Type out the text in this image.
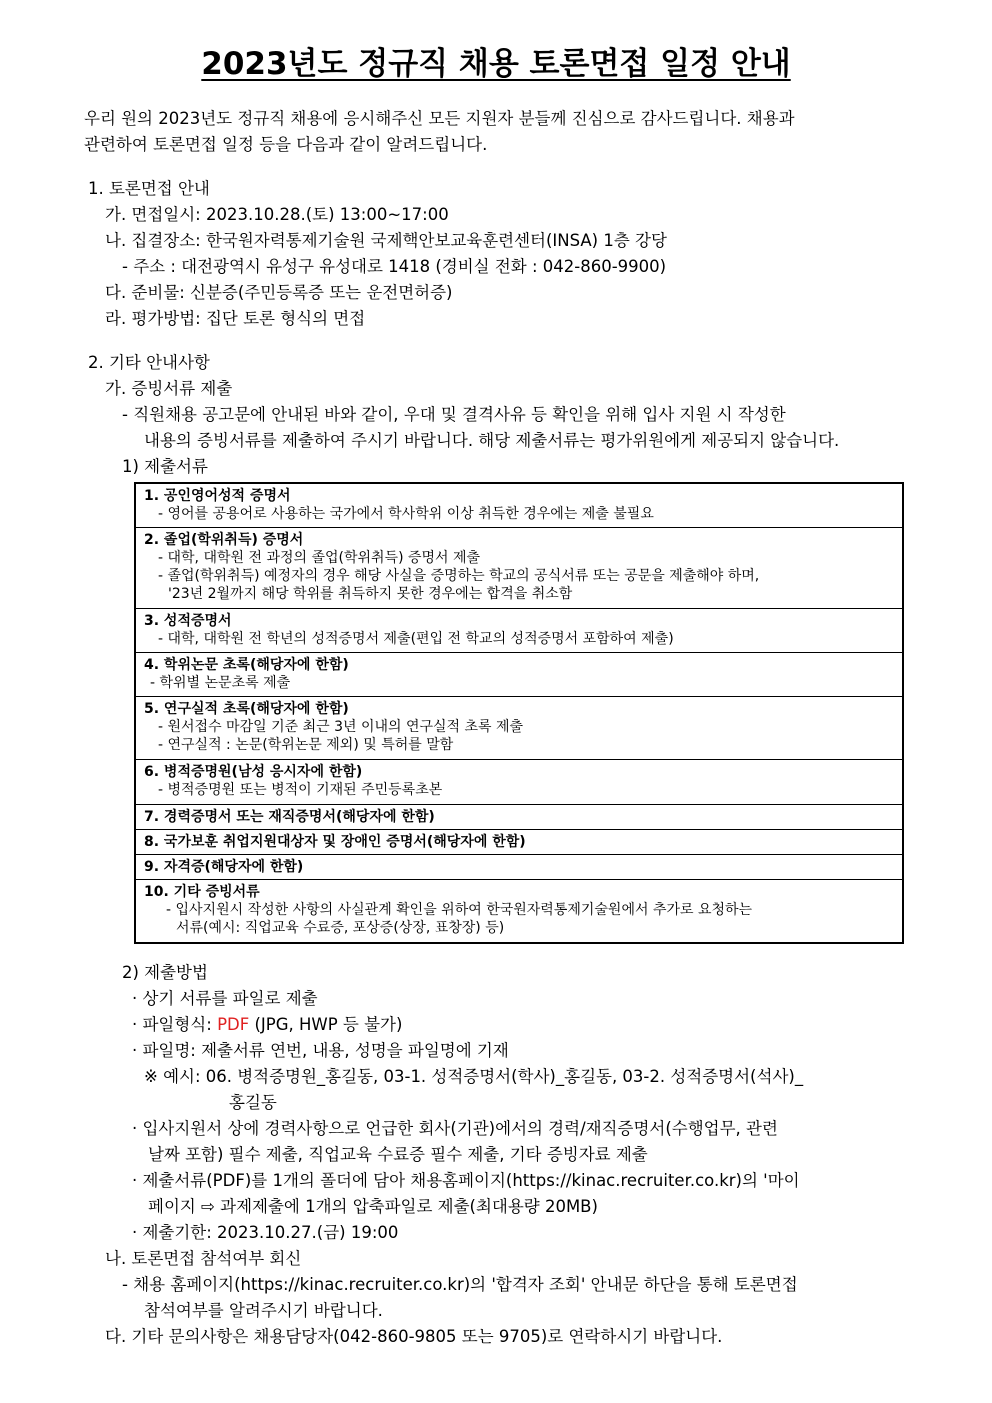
2023년도 정규직 채용 토론면접 일정 안내
우리 원의 2023년도 정규직 채용에 응시해주신 모든 지원자 분들께 진심으로 감사드립니다. 채용과
관련하여 토론면접 일정 등을 다음과 같이 알려드립니다.
1. 토론면접 안내
가. 면접일시: 2023.10.28.(토) 13:00~17:00
나. 집결장소: 한국원자력통제기술원 국제핵안보교육훈련센터(INSA) 1층 강당
- 주소 : 대전광역시 유성구 유성대로 1418 (경비실 전화 : 042-860-9900)
다. 준비물: 신분증(주민등록증 또는 운전면허증)
라. 평가방법: 집단 토론 형식의 면접
2. 기타 안내사항
가. 증빙서류 제출
- 직원채용 공고문에 안내된 바와 같이, 우대 및 결격사유 등 확인을 위해 입사 지원 시 작성한
내용의 증빙서류를 제출하여 주시기 바랍니다. 해당 제출서류는 평가위원에게 제공되지 않습니다.
1) 제출서류
1. 공인영어성적 증명서
- 영어를 공용어로 사용하는 국가에서 학사학위 이상 취득한 경우에는 제출 불필요
2. 졸업(학위취득) 증명서
- 대학, 대학원 전 과정의 졸업(학위취득) 증명서 제출
- 졸업(학위취득) 예정자의 경우 해당 사실을 증명하는 학교의 공식서류 또는 공문을 제출해야 하며,
'23년 2월까지 해당 학위를 취득하지 못한 경우에는 합격을 취소함
3. 성적증명서
- 대학, 대학원 전 학년의 성적증명서 제출(편입 전 학교의 성적증명서 포함하여 제출)
4. 학위논문 초록(해당자에 한함)
- 학위별 논문초록 제출
5. 연구실적 초록(해당자에 한함)
- 원서접수 마감일 기준 최근 3년 이내의 연구실적 초록 제출
- 연구실적 : 논문(학위논문 제외) 및 특허를 말함
6. 병적증명원(남성 응시자에 한함)
- 병적증명원 또는 병적이 기재된 주민등록초본
7. 경력증명서 또는 재직증명서(해당자에 한함)
8. 국가보훈 취업지원대상자 및 장애인 증명서(해당자에 한함)
9. 자격증(해당자에 한함)
10. 기타 증빙서류
- 입사지원시 작성한 사항의 사실관계 확인을 위하여 한국원자력통제기술원에서 추가로 요청하는
서류(예시: 직업교육 수료증, 포상증(상장, 표창장) 등)
2) 제출방법
· 상기 서류를 파일로 제출
· 파일형식: PDF (JPG, HWP 등 불가)
· 파일명: 제출서류 연번, 내용, 성명을 파일명에 기재
※ 예시: 06. 병적증명원_홍길동, 03-1. 성적증명서(학사)_홍길동, 03-2. 성적증명서(석사)_
홍길동
· 입사지원서 상에 경력사항으로 언급한 회사(기관)에서의 경력/재직증명서(수행업무, 관련
날짜 포함) 필수 제출, 직업교육 수료증 필수 제출, 기타 증빙자료 제출
· 제출서류(PDF)를 1개의 폴더에 담아 채용홈페이지(https://kinac.recruiter.co.kr)의 '마이
페이지 ⇨ 과제제출에 1개의 압축파일로 제출(최대용량 20MB)
· 제출기한: 2023.10.27.(금) 19:00
나. 토론면접 참석여부 회신
- 채용 홈페이지(https://kinac.recruiter.co.kr)의 '합격자 조회' 안내문 하단을 통해 토론면접
참석여부를 알려주시기 바랍니다.
다. 기타 문의사항은 채용담당자(042-860-9805 또는 9705)로 연락하시기 바랍니다.
